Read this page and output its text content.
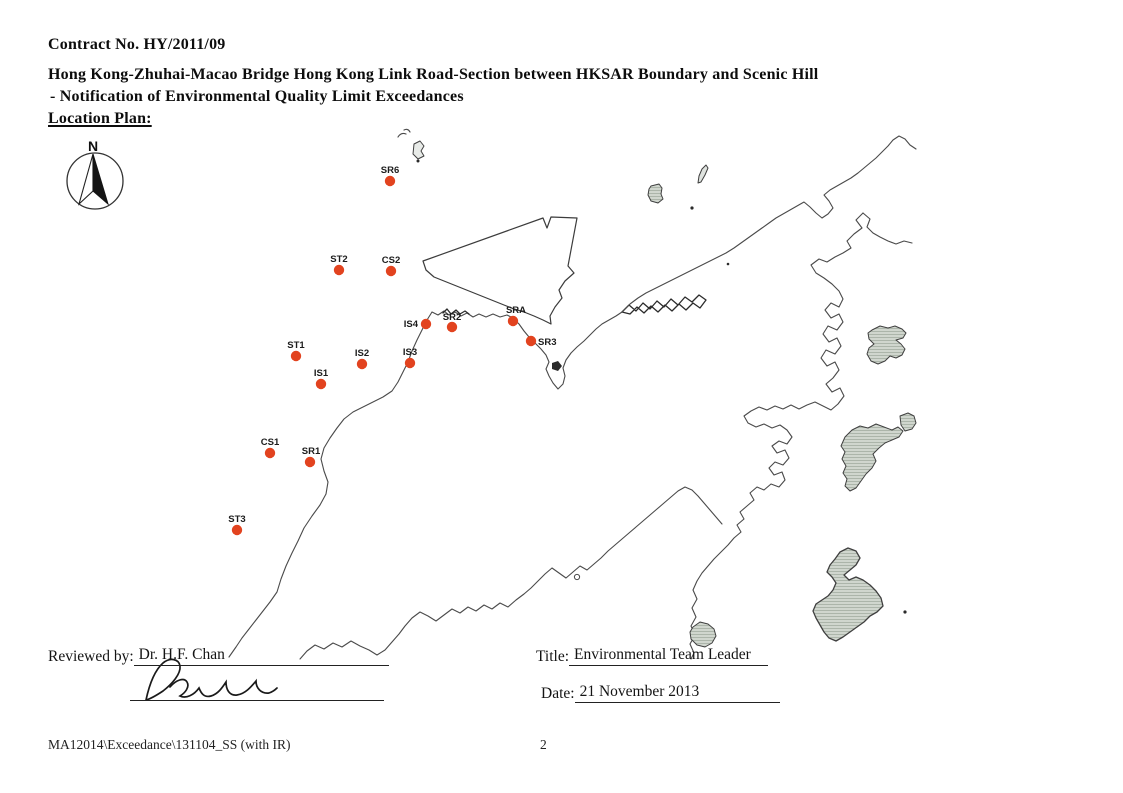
Contract No. HY/2011/09
Hong Kong-Zhuhai-Macao Bridge Hong Kong Link Road-Section between HKSAR Boundary and Scenic Hill
- Notification of Environmental Quality Limit Exceedances
Location Plan:
N
SR6
ST2	CS2
IS4
SR2
SRA
SR3
ST1
IS2	IS3
IS1
CS1
SR1
ST3
Reviewed by: Dr. H.F. Chan	Title: Environmental Team Leader
Date: 21 November 2013
MA12014\Exceedance\131104_SS (with IR)	2
